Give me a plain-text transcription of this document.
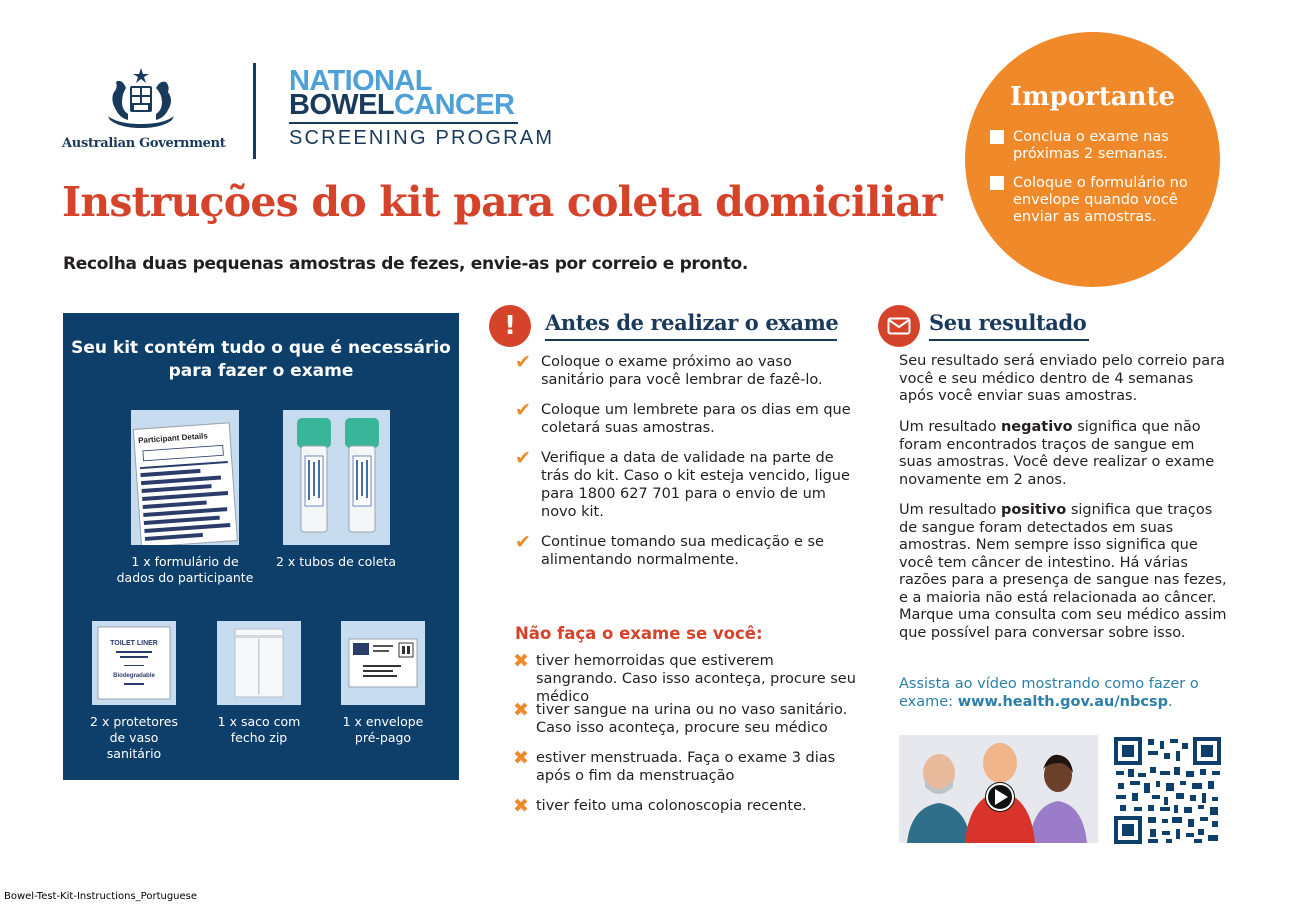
Australian Government
NATIONAL
BOWELCANCER
SCREENING PROGRAM
Instruções do kit para coleta domiciliar
Recolha duas pequenas amostras de fezes, envie-as por correio e pronto.
Importante
Conclua o exame nas próximas 2 semanas.
Coloque o formulário no envelope quando você enviar as amostras.
Seu kit contém tudo o que é necessário para fazer o exame
Participant Details
1 x formulário de dados do participante
2 x tubos de coleta
TOILET LINER
Biodegradable
2 x protetores de vaso sanitário
1 x saco com fecho zip
1 x envelope pré-pago
! Antes de realizar o exame
✔ Coloque o exame próximo ao vaso sanitário para você lembrar de fazê-lo.
✔ Coloque um lembrete para os dias em que coletará suas amostras.
✔ Verifique a data de validade na parte de trás do kit. Caso o kit esteja vencido, ligue para 1800 627 701 para o envio de um novo kit.
✔ Continue tomando sua medicação e se alimentando normalmente.
Não faça o exame se você:
✖ tiver hemorroidas que estiverem sangrando. Caso isso aconteça, procure seu médico
✖ tiver sangue na urina ou no vaso sanitário. Caso isso aconteça, procure seu médico
✖ estiver menstruada. Faça o exame 3 dias após o fim da menstruação
✖ tiver feito uma colonoscopia recente.
Seu resultado
Seu resultado será enviado pelo correio para você e seu médico dentro de 4 semanas após você enviar suas amostras.
Um resultado negativo significa que não foram encontrados traços de sangue em suas amostras. Você deve realizar o exame novamente em 2 anos.
Um resultado positivo significa que traços de sangue foram detectados em suas amostras. Nem sempre isso significa que você tem câncer de intestino. Há várias razões para a presença de sangue nas fezes, e a maioria não está relacionada ao câncer. Marque uma consulta com seu médico assim que possível para conversar sobre isso.
Assista ao vídeo mostrando como fazer o exame: www.health.gov.au/nbcsp.
Bowel-Test-Kit-Instructions_Portuguese
